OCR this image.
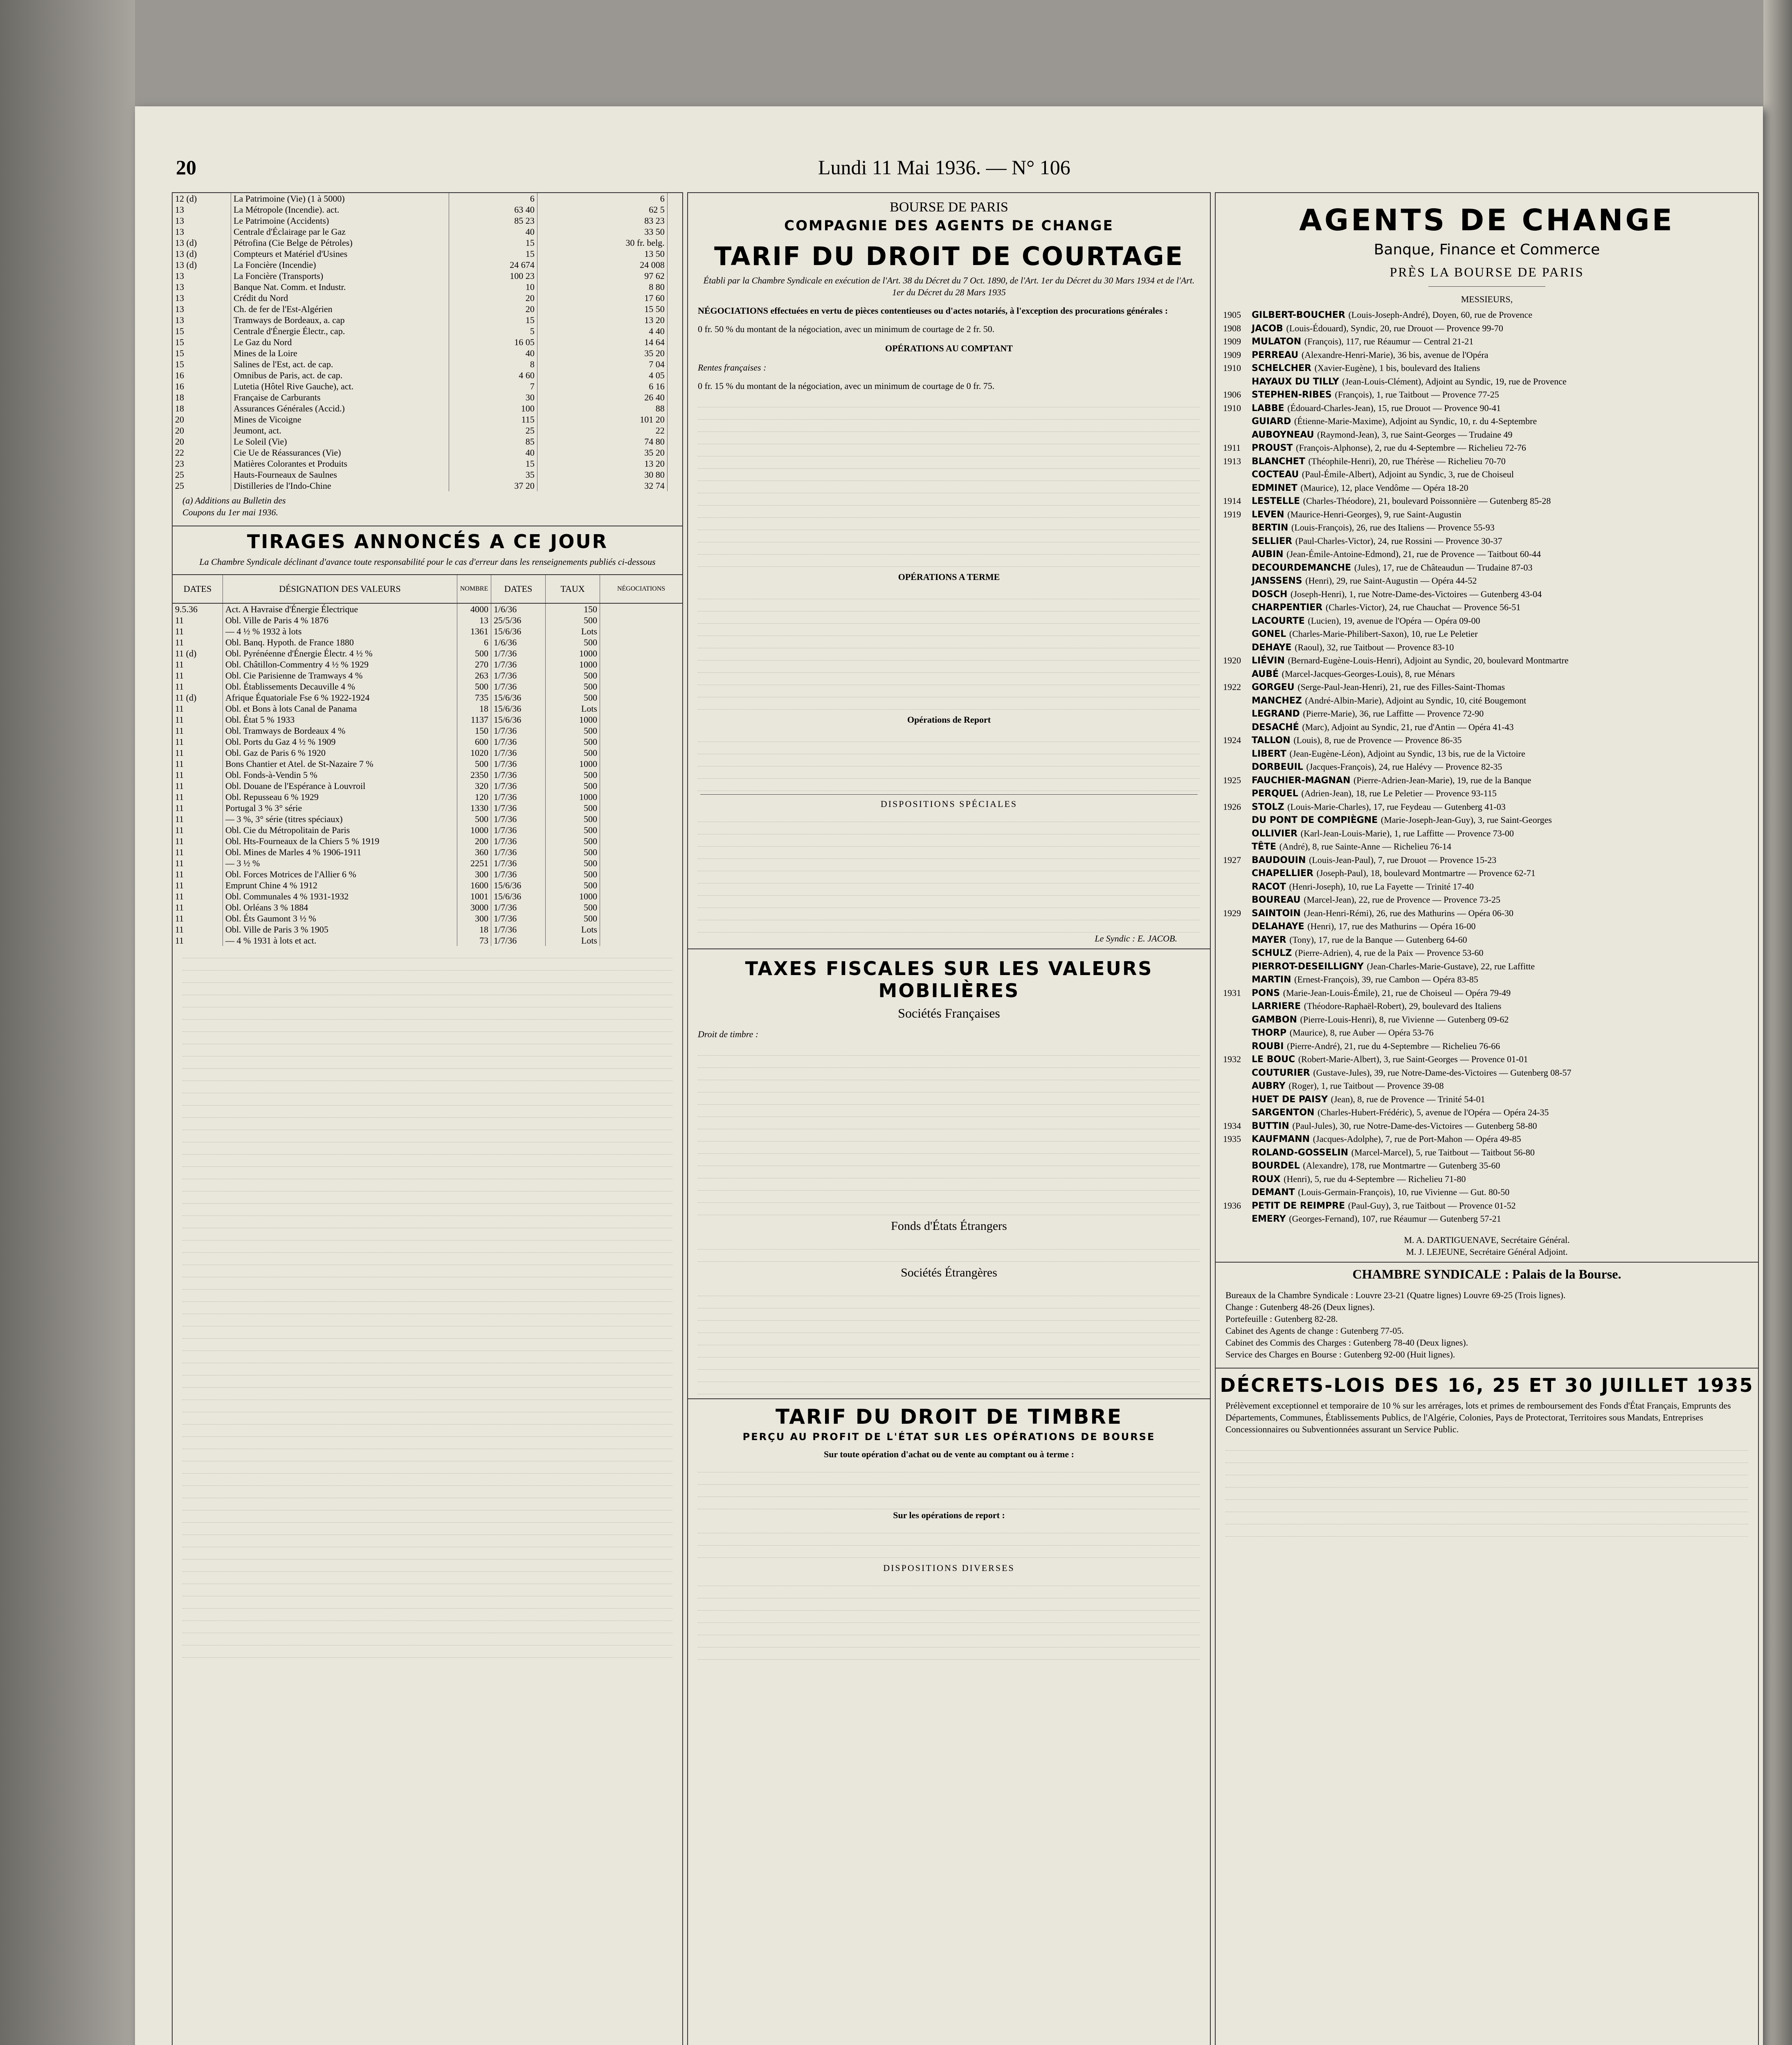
20	Lundi 11 Mai 1936. — N° 106
12 (d)	La Patrimoine (Vie) (1 à 5000)	6	6	
13	La Métropole (Incendie). act.	63 40	62 5	
13	Le Patrimoine (Accidents)	85 23	83 23	
13	Centrale d'Éclairage par le Gaz	40	33 50	
13 (d)	Pétrofina (Cie Belge de Pétroles)	15	30 fr. belg.	
13 (d)	Compteurs et Matériel d'Usines	15	13 50	
13 (d)	La Foncière (Incendie)	24 674	24 008	
13	La Foncière (Transports)	100 23	97 62	
13	Banque Nat. Comm. et Industr.	10	8 80	
13	Crédit du Nord	20	17 60	
13	Ch. de fer de l'Est-Algérien	20	15 50	
13	Tramways de Bordeaux, a. cap	15	13 20	
15	Centrale d'Énergie Électr., cap.	5	4 40	
15	Le Gaz du Nord	16 05	14 64	
15	Mines de la Loire	40	35 20	
15	Salines de l'Est, act. de cap.	8	7 04	
16	Omnibus de Paris, act. de cap.	4 60	4 05	
16	Lutetia (Hôtel Rive Gauche), act.	7	6 16	
18	Française de Carburants	30	26 40	
18	Assurances Générales (Accid.)	100	88	
20	Mines de Vicoigne	115	101 20	
20	Jeumont, act.	25	22	
20	Le Soleil (Vie)	85	74 80	
22	Cie Ue de Réassurances (Vie)	40	35 20	
23	Matières Colorantes et Produits	15	13 20	
25	Hauts-Fourneaux de Saulnes	35	30 80	
25	Distilleries de l'Indo-Chine	37 20	32 74	
(a) Additions au Bulletin des
Coupons du 1er mai 1936.
TIRAGES ANNONCÉS A CE JOUR
La Chambre Syndicale déclinant d'avance toute responsabilité pour le cas d'erreur dans les renseignements publiés ci-dessous
DATES	DÉSIGNATION DES VALEURS	NOMBRE	DATES	TAUX	NÉGOCIATIONS
9.5.36	Act. A Havraise d'Énergie Électrique	4000	1/6/36	150	
11	Obl. Ville de Paris 4 % 1876	13	25/5/36	500	
11	— 4 ½ % 1932 à lots	1361	15/6/36	Lots	
11	Obl. Banq. Hypoth. de France 1880	6	1/6/36	500	
11 (d)	Obl. Pyrénéenne d'Énergie Électr. 4 ½ %	500	1/7/36	1000	
11	Obl. Châtillon-Commentry 4 ½ % 1929	270	1/7/36	1000	
11	Obl. Cie Parisienne de Tramways 4 %	263	1/7/36	500	
11	Obl. Établissements Decauville 4 %	500	1/7/36	500	
11 (d)	Afrique Équatoriale Fse 6 % 1922-1924	735	15/6/36	500	
11	Obl. et Bons à lots Canal de Panama	18	15/6/36	Lots	
11	Obl. État 5 % 1933	1137	15/6/36	1000	
11	Obl. Tramways de Bordeaux 4 %	150	1/7/36	500	
11	Obl. Ports du Gaz 4 ½ % 1909	600	1/7/36	500	
11	Obl. Gaz de Paris 6 % 1920	1020	1/7/36	500	
11	Bons Chantier et Atel. de St-Nazaire 7 %	500	1/7/36	1000	
11	Obl. Fonds-à-Vendin 5 %	2350	1/7/36	500	
11	Obl. Douane de l'Espérance à Louvroil	320	1/7/36	500	
11	Obl. Repusseau 6 % 1929	120	1/7/36	1000	
11	Portugal 3 % 3° série	1330	1/7/36	500	
11	— 3 %, 3° série (titres spéciaux)	500	1/7/36	500	
11	Obl. Cie du Métropolitain de Paris	1000	1/7/36	500	
11	Obl. Hts-Fourneaux de la Chiers 5 % 1919	200	1/7/36	500	
11	Obl. Mines de Marles 4 % 1906-1911	360	1/7/36	500	
11	— 3 ½ %	2251	1/7/36	500	
11	Obl. Forces Motrices de l'Allier 6 %	300	1/7/36	500	
11	Emprunt Chine 4 % 1912	1600	15/6/36	500	
11	Obl. Communales 4 % 1931-1932	1001	15/6/36	1000	
11	Obl. Orléans 3 % 1884	3000	1/7/36	500	
11	Obl. Éts Gaumont 3 ½ %	300	1/7/36	500	
11	Obl. Ville de Paris 3 % 1905	18	1/7/36	Lots	
11	— 4 % 1931 à lots et act.	73	1/7/36	Lots	
BOURSE DE PARIS
COMPAGNIE DES AGENTS DE CHANGE
TARIF DU DROIT DE COURTAGE
Établi par la Chambre Syndicale en exécution de l'Art. 38 du Décret du 7 Oct. 1890, de l'Art. 1er du Décret du 30 Mars 1934 et de l'Art. 1er du Décret du 28 Mars 1935
NÉGOCIATIONS effectuées en vertu de pièces contentieuses ou d'actes notariés, à l'exception des procurations générales :
0 fr. 50 % du montant de la négociation, avec un minimum de courtage de 2 fr. 50.
OPÉRATIONS AU COMPTANT
Rentes françaises :
0 fr. 15 % du montant de la négociation, avec un minimum de courtage de 0 fr. 75.
OPÉRATIONS A TERME
Opérations de Report
DISPOSITIONS SPÉCIALES
Le Syndic : E. JACOB.
TAXES FISCALES SUR LES VALEURS MOBILIÈRES
Sociétés Françaises
Droit de timbre :
Fonds d'États Étrangers
Sociétés Étrangères
TARIF DU DROIT DE TIMBRE
PERÇU AU PROFIT DE L'ÉTAT SUR LES OPÉRATIONS DE BOURSE
Sur toute opération d'achat ou de vente au comptant ou à terme :
Sur les opérations de report :
DISPOSITIONS DIVERSES
AGENTS DE CHANGE
Banque, Finance et Commerce
PRÈS LA BOURSE DE PARIS
MESSIEURS,
1905 GILBERT-BOUCHER (Louis-Joseph-André), Doyen, 60, rue de Provence
1908 JACOB (Louis-Édouard), Syndic, 20, rue Drouot — Provence 99-70
1909 MULATON (François), 117, rue Réaumur — Central 21-21
1909 PERREAU (Alexandre-Henri-Marie), 36 bis, avenue de l'Opéra
1910 SCHELCHER (Xavier-Eugène), 1 bis, boulevard des Italiens
HAYAUX DU TILLY (Jean-Louis-Clément), Adjoint au Syndic, 19, rue de Provence
1906 STEPHEN-RIBES (François), 1, rue Taitbout — Provence 77-25
1910 LABBE (Édouard-Charles-Jean), 15, rue Drouot — Provence 90-41
GUIARD (Étienne-Marie-Maxime), Adjoint au Syndic, 10, r. du 4-Septembre
AUBOYNEAU (Raymond-Jean), 3, rue Saint-Georges — Trudaine 49
1911 PROUST (François-Alphonse), 2, rue du 4-Septembre — Richelieu 72-76
1913 BLANCHET (Théophile-Henri), 20, rue Thérèse — Richelieu 70-70
COCTEAU (Paul-Émile-Albert), Adjoint au Syndic, 3, rue de Choiseul
EDMINET (Maurice), 12, place Vendôme — Opéra 18-20
1914 LESTELLE (Charles-Théodore), 21, boulevard Poissonnière — Gutenberg 85-28
1919 LEVEN (Maurice-Henri-Georges), 9, rue Saint-Augustin
BERTIN (Louis-François), 26, rue des Italiens — Provence 55-93
SELLIER (Paul-Charles-Victor), 24, rue Rossini — Provence 30-37
AUBIN (Jean-Émile-Antoine-Edmond), 21, rue de Provence — Taitbout 60-44
DECOURDEMANCHE (Jules), 17, rue de Châteaudun — Trudaine 87-03
JANSSENS (Henri), 29, rue Saint-Augustin — Opéra 44-52
DOSCH (Joseph-Henri), 1, rue Notre-Dame-des-Victoires — Gutenberg 43-04
CHARPENTIER (Charles-Victor), 24, rue Chauchat — Provence 56-51
LACOURTE (Lucien), 19, avenue de l'Opéra — Opéra 09-00
GONEL (Charles-Marie-Philibert-Saxon), 10, rue Le Peletier
DEHAYE (Raoul), 32, rue Taitbout — Provence 83-10
1920 LIÉVIN (Bernard-Eugène-Louis-Henri), Adjoint au Syndic, 20, boulevard Montmartre
AUBÉ (Marcel-Jacques-Georges-Louis), 8, rue Ménars
1922 GORGEU (Serge-Paul-Jean-Henri), 21, rue des Filles-Saint-Thomas
MANCHEZ (André-Albin-Marie), Adjoint au Syndic, 10, cité Bougemont
LEGRAND (Pierre-Marie), 36, rue Laffitte — Provence 72-90
DESACHÉ (Marc), Adjoint au Syndic, 21, rue d'Antin — Opéra 41-43
1924 TALLON (Louis), 8, rue de Provence — Provence 86-35
LIBERT (Jean-Eugène-Léon), Adjoint au Syndic, 13 bis, rue de la Victoire
DORBEUIL (Jacques-François), 24, rue Halévy — Provence 82-35
1925 FAUCHIER-MAGNAN (Pierre-Adrien-Jean-Marie), 19, rue de la Banque
PERQUEL (Adrien-Jean), 18, rue Le Peletier — Provence 93-115
1926 STOLZ (Louis-Marie-Charles), 17, rue Feydeau — Gutenberg 41-03
DU PONT DE COMPIÈGNE (Marie-Joseph-Jean-Guy), 3, rue Saint-Georges
OLLIVIER (Karl-Jean-Louis-Marie), 1, rue Laffitte — Provence 73-00
TÊTE (André), 8, rue Sainte-Anne — Richelieu 76-14
1927 BAUDOUIN (Louis-Jean-Paul), 7, rue Drouot — Provence 15-23
CHAPELLIER (Joseph-Paul), 18, boulevard Montmartre — Provence 62-71
RACOT (Henri-Joseph), 10, rue La Fayette — Trinité 17-40
BOUREAU (Marcel-Jean), 22, rue de Provence — Provence 73-25
1929 SAINTOIN (Jean-Henri-Rémi), 26, rue des Mathurins — Opéra 06-30
DELAHAYE (Henri), 17, rue des Mathurins — Opéra 16-00
MAYER (Tony), 17, rue de la Banque — Gutenberg 64-60
SCHULZ (Pierre-Adrien), 4, rue de la Paix — Provence 53-60
PIERROT-DESEILLIGNY (Jean-Charles-Marie-Gustave), 22, rue Laffitte
MARTIN (Ernest-François), 39, rue Cambon — Opéra 83-85
1931 PONS (Marie-Jean-Louis-Émile), 21, rue de Choiseul — Opéra 79-49
LARRIERE (Théodore-Raphaël-Robert), 29, boulevard des Italiens
GAMBON (Pierre-Louis-Henri), 8, rue Vivienne — Gutenberg 09-62
THORP (Maurice), 8, rue Auber — Opéra 53-76
ROUBI (Pierre-André), 21, rue du 4-Septembre — Richelieu 76-66
1932 LE BOUC (Robert-Marie-Albert), 3, rue Saint-Georges — Provence 01-01
COUTURIER (Gustave-Jules), 39, rue Notre-Dame-des-Victoires — Gutenberg 08-57
AUBRY (Roger), 1, rue Taitbout — Provence 39-08
HUET DE PAISY (Jean), 8, rue de Provence — Trinité 54-01
SARGENTON (Charles-Hubert-Frédéric), 5, avenue de l'Opéra — Opéra 24-35
1934 BUTTIN (Paul-Jules), 30, rue Notre-Dame-des-Victoires — Gutenberg 58-80
1935 KAUFMANN (Jacques-Adolphe), 7, rue de Port-Mahon — Opéra 49-85
ROLAND-GOSSELIN (Marcel-Marcel), 5, rue Taitbout — Taitbout 56-80
BOURDEL (Alexandre), 178, rue Montmartre — Gutenberg 35-60
ROUX (Henri), 5, rue du 4-Septembre — Richelieu 71-80
DEMANT (Louis-Germain-François), 10, rue Vivienne — Gut. 80-50
1936 PETIT DE REIMPRE (Paul-Guy), 3, rue Taitbout — Provence 01-52
EMERY (Georges-Fernand), 107, rue Réaumur — Gutenberg 57-21
M. A. DARTIGUENAVE, Secrétaire Général.
M. J. LEJEUNE, Secrétaire Général Adjoint.
CHAMBRE SYNDICALE : Palais de la Bourse.
Bureaux de la Chambre Syndicale : Louvre 23-21 (Quatre lignes) Louvre 69-25 (Trois lignes).
Change : Gutenberg 48-26 (Deux lignes).
Portefeuille : Gutenberg 82-28.
Cabinet des Agents de change : Gutenberg 77-05.
Cabinet des Commis des Charges : Gutenberg 78-40 (Deux lignes).
Service des Charges en Bourse : Gutenberg 92-00 (Huit lignes).
DÉCRETS-LOIS DES 16, 25 ET 30 JUILLET 1935
Prélèvement exceptionnel et temporaire de 10 % sur les arrérages, lots et primes de remboursement des Fonds d'État Français, Emprunts des Départements, Communes, Établissements Publics, de l'Algérie, Colonies, Pays de Protectorat, Territoires sous Mandats, Entreprises Concessionnaires ou Subventionnées assurant un Service Public.
